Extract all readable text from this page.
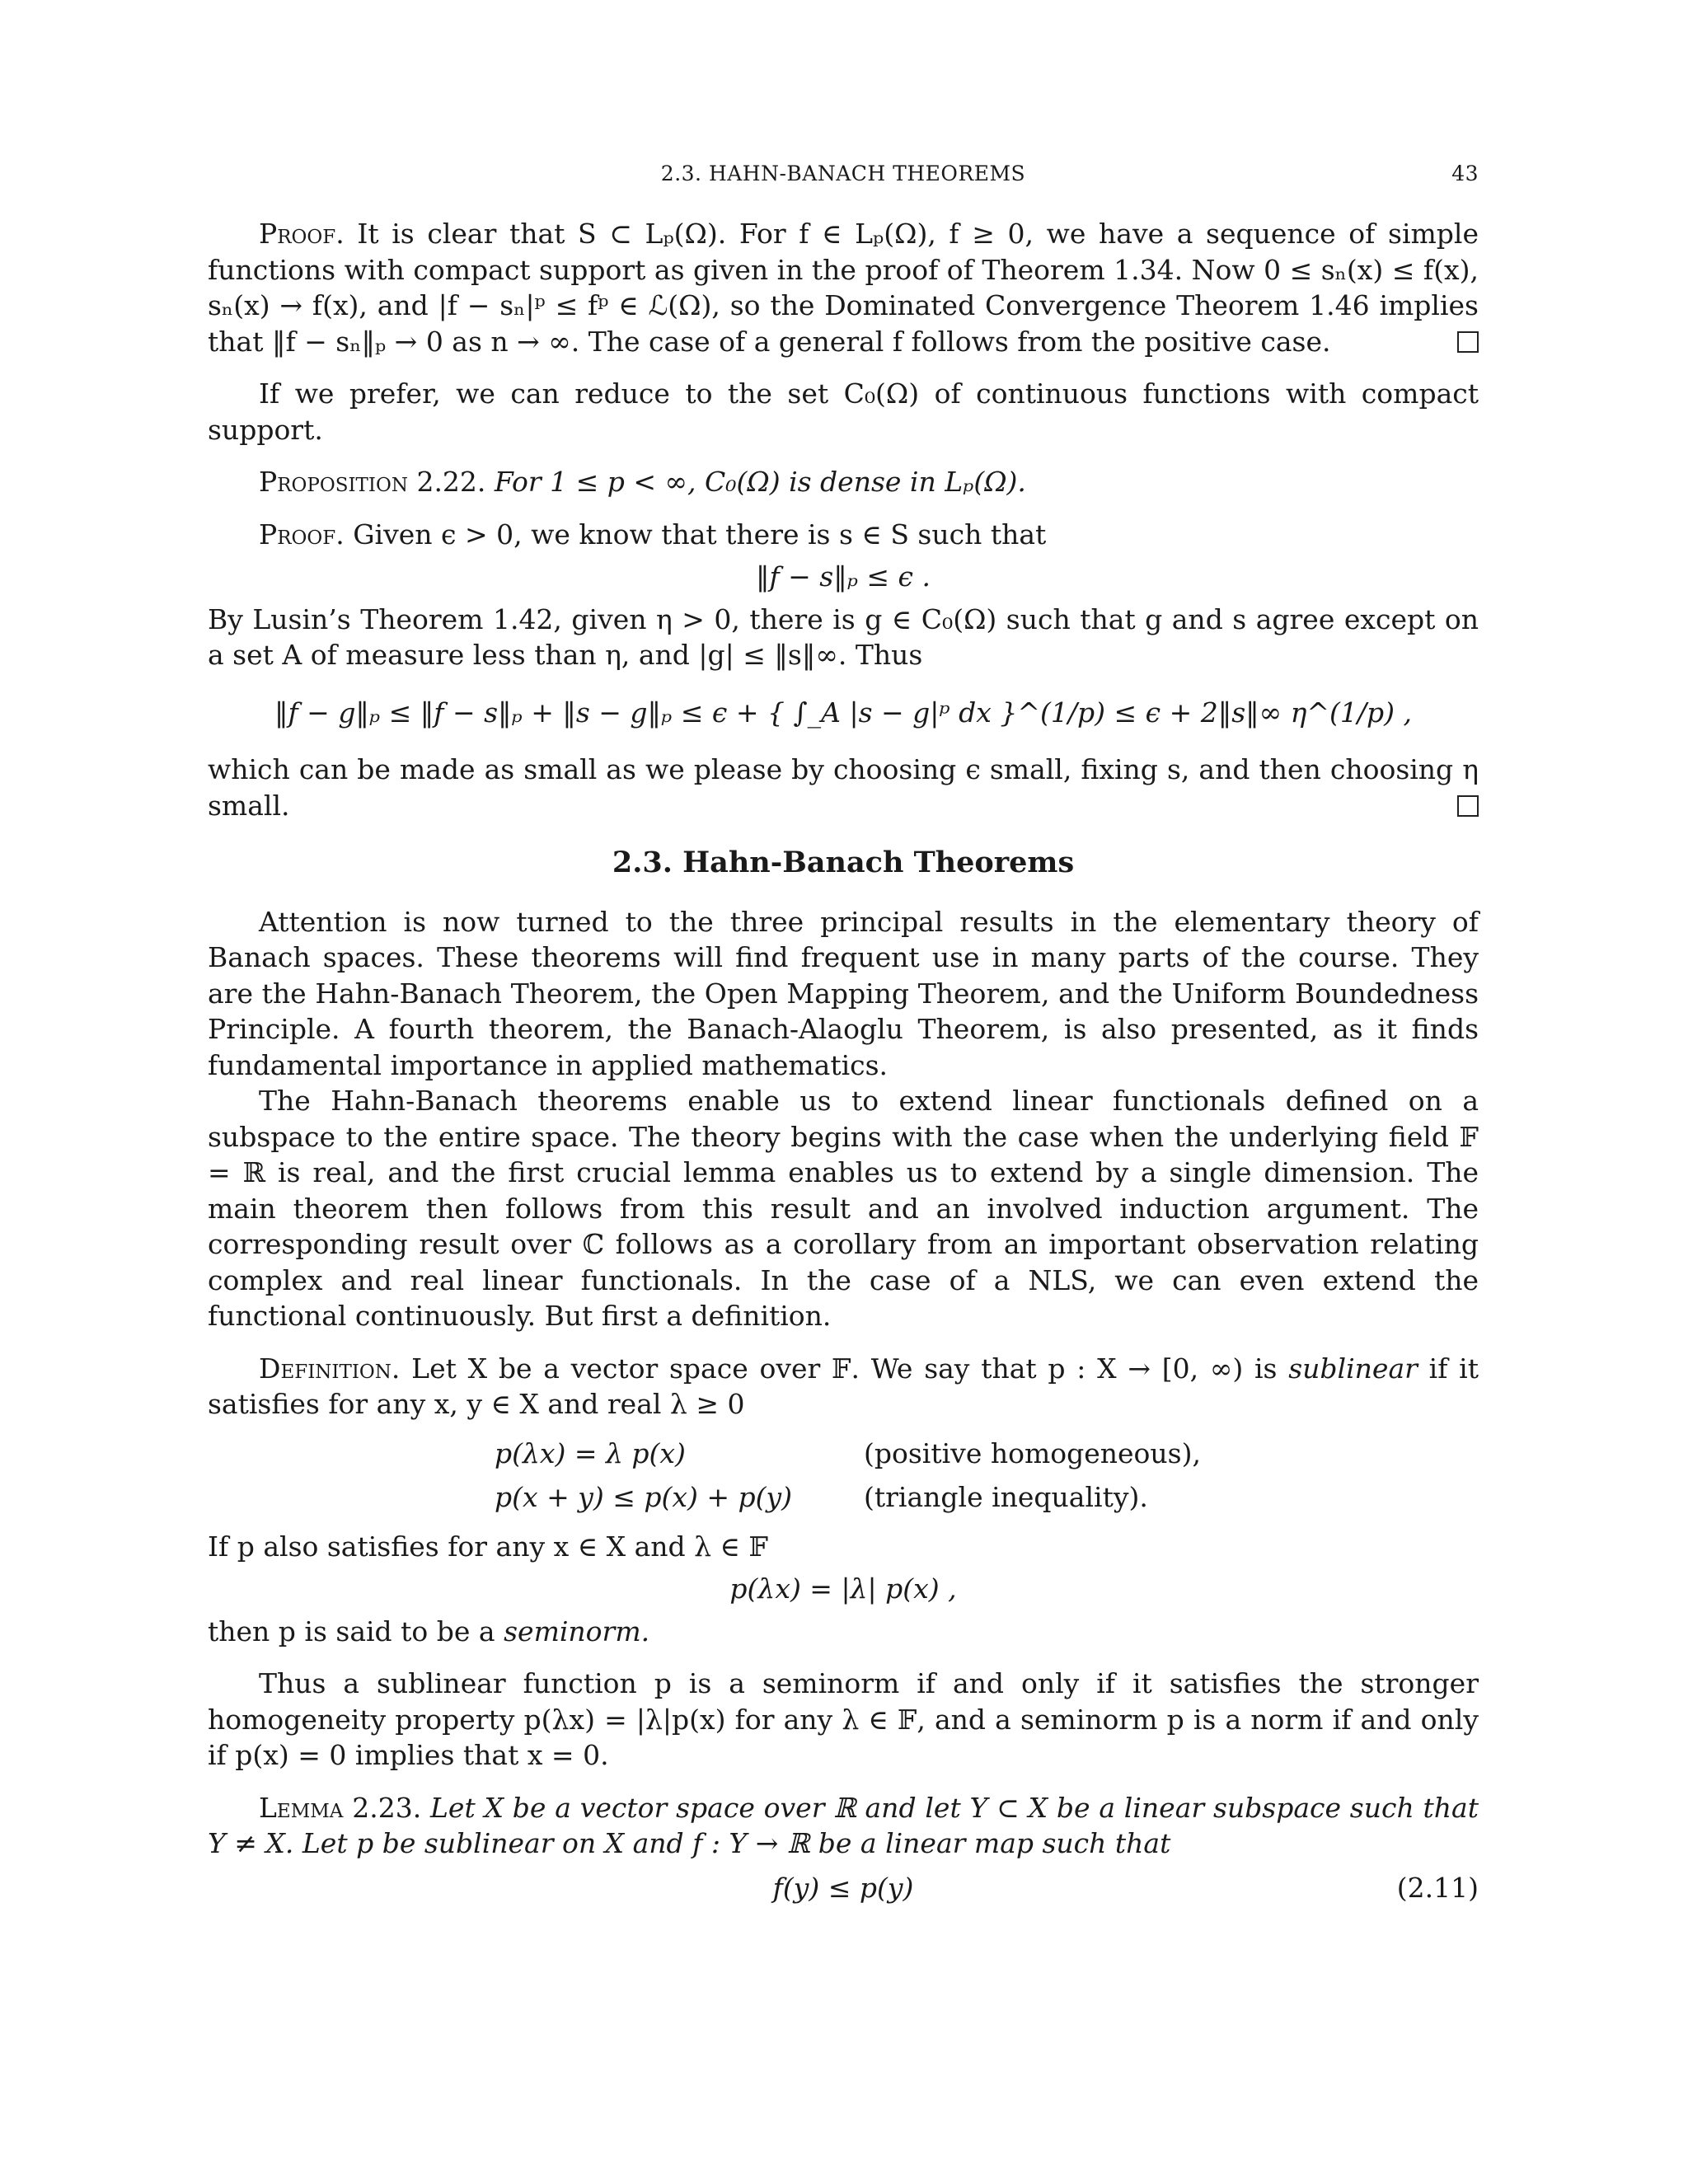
2.3. HAHN-BANACH THEOREMS	43

Proof. It is clear that S ⊂ Lₚ(Ω). For f ∈ Lₚ(Ω), f ≥ 0, we have a sequence of simple functions with compact support as given in the proof of Theorem 1.34. Now 0 ≤ sₙ(x) ≤ f(x), sₙ(x) → f(x), and |f − sₙ|ᵖ ≤ fᵖ ∈ ℒ(Ω), so the Dominated Convergence Theorem 1.46 implies that ‖f − sₙ‖ₚ → 0 as n → ∞. The case of a general f follows from the positive case.

If we prefer, we can reduce to the set C₀(Ω) of continuous functions with compact support.

Proposition 2.22. For 1 ≤ p < ∞, C₀(Ω) is dense in Lₚ(Ω).

Proof. Given ϵ > 0, we know that there is s ∈ S such that

‖f − s‖ₚ ≤ ϵ .

By Lusin’s Theorem 1.42, given η > 0, there is g ∈ C₀(Ω) such that g and s agree except on a set A of measure less than η, and |g| ≤ ‖s‖∞. Thus

‖f − g‖ₚ ≤ ‖f − s‖ₚ + ‖s − g‖ₚ ≤ ϵ + { ∫_A |s − g|ᵖ dx }^(1/p) ≤ ϵ + 2‖s‖∞ η^(1/p) ,

which can be made as small as we please by choosing ϵ small, fixing s, and then choosing η small.

2.3. Hahn-Banach Theorems

Attention is now turned to the three principal results in the elementary theory of Banach spaces. These theorems will find frequent use in many parts of the course. They are the Hahn-Banach Theorem, the Open Mapping Theorem, and the Uniform Boundedness Principle. A fourth theorem, the Banach-Alaoglu Theorem, is also presented, as it finds fundamental importance in applied mathematics.

The Hahn-Banach theorems enable us to extend linear functionals defined on a subspace to the entire space. The theory begins with the case when the underlying field 𝔽 = ℝ is real, and the first crucial lemma enables us to extend by a single dimension. The main theorem then follows from this result and an involved induction argument. The corresponding result over ℂ follows as a corollary from an important observation relating complex and real linear functionals. In the case of a NLS, we can even extend the functional continuously. But first a definition.

Definition. Let X be a vector space over 𝔽. We say that p : X → [0, ∞) is sublinear if it satisfies for any x, y ∈ X and real λ ≥ 0

p(λx) = λ p(x)	(positive homogeneous),
p(x + y) ≤ p(x) + p(y)	(triangle inequality).

If p also satisfies for any x ∈ X and λ ∈ 𝔽

p(λx) = |λ| p(x) ,

then p is said to be a seminorm.

Thus a sublinear function p is a seminorm if and only if it satisfies the stronger homogeneity property p(λx) = |λ|p(x) for any λ ∈ 𝔽, and a seminorm p is a norm if and only if p(x) = 0 implies that x = 0.

Lemma 2.23. Let X be a vector space over ℝ and let Y ⊂ X be a linear subspace such that Y ≠ X. Let p be sublinear on X and f : Y → ℝ be a linear map such that

f(y) ≤ p(y)	(2.11)
